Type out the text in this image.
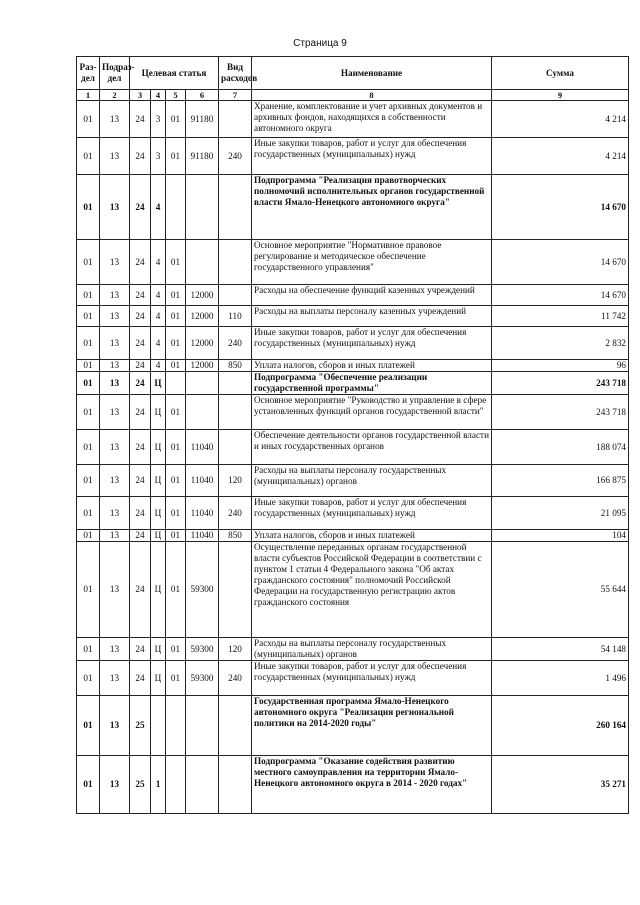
Страница 9
Раз-дел	Подраз-дел	Целевая статья				Вид расходов	Наименование	Сумма
1	2	3	4	5	6	7	8	9
01	13	24	3	01	91180		Хранение, комплектование и учет архивных документов и архивных фондов, находящихся в собственности автономного округа	4 214
01	13	24	3	01	91180	240	Иные закупки товаров, работ и услуг для обеспечения государственных (муниципальных) нужд	4 214
01	13	24	4				Подпрограмма "Реализация правотворческих полномочий исполнительных органов государственной власти Ямало-Ненецкого автономного округа"	14 670
01	13	24	4	01			Основное мероприятие "Нормативное правовое регулирование и методическое обеспечение государственного управления"	14 670
01	13	24	4	01	12000		Расходы на обеспечение функций казенных учреждений	14 670
01	13	24	4	01	12000	110	Расходы на выплаты персоналу казенных учреждений	11 742
01	13	24	4	01	12000	240	Иные закупки товаров, работ и услуг для обеспечения государственных (муниципальных) нужд	2 832
01	13	24	4	01	12000	850	Уплата налогов, сборов и иных платежей	96
01	13	24	Ц				Подпрограмма "Обеспечение реализации государственной программы"	243 718
01	13	24	Ц	01			Основное мероприятие "Руководство и управление в сфере установленных функций органов государственной власти"	243 718
01	13	24	Ц	01	11040		Обеспечение деятельности органов государственной власти и иных государственных органов	188 074
01	13	24	Ц	01	11040	120	Расходы на выплаты персоналу государственных (муниципальных) органов	166 875
01	13	24	Ц	01	11040	240	Иные закупки товаров, работ и услуг для обеспечения государственных (муниципальных) нужд	21 095
01	13	24	Ц	01	11040	850	Уплата налогов, сборов и иных платежей	104
01	13	24	Ц	01	59300		Осуществление переданных органам государственной власти субъектов Российской Федерации в соответствии с пунктом 1 статьи 4 Федерального закона "Об актах гражданского состояния" полномочий Российской Федерации на государственную регистрацию актов гражданского состояния	55 644
01	13	24	Ц	01	59300	120	Расходы на выплаты персоналу государственных (муниципальных) органов	54 148
01	13	24	Ц	01	59300	240	Иные закупки товаров, работ и услуг для обеспечения государственных (муниципальных) нужд	1 496
01	13	25					Государственная программа Ямало-Ненецкого автономного округа "Реализация региональной политики на 2014-2020 годы"	260 164
01	13	25	1				Подпрограмма "Оказание содействия развитию местного самоуправления на территории Ямало-Ненецкого автономного округа в 2014 - 2020 годах"	35 271
